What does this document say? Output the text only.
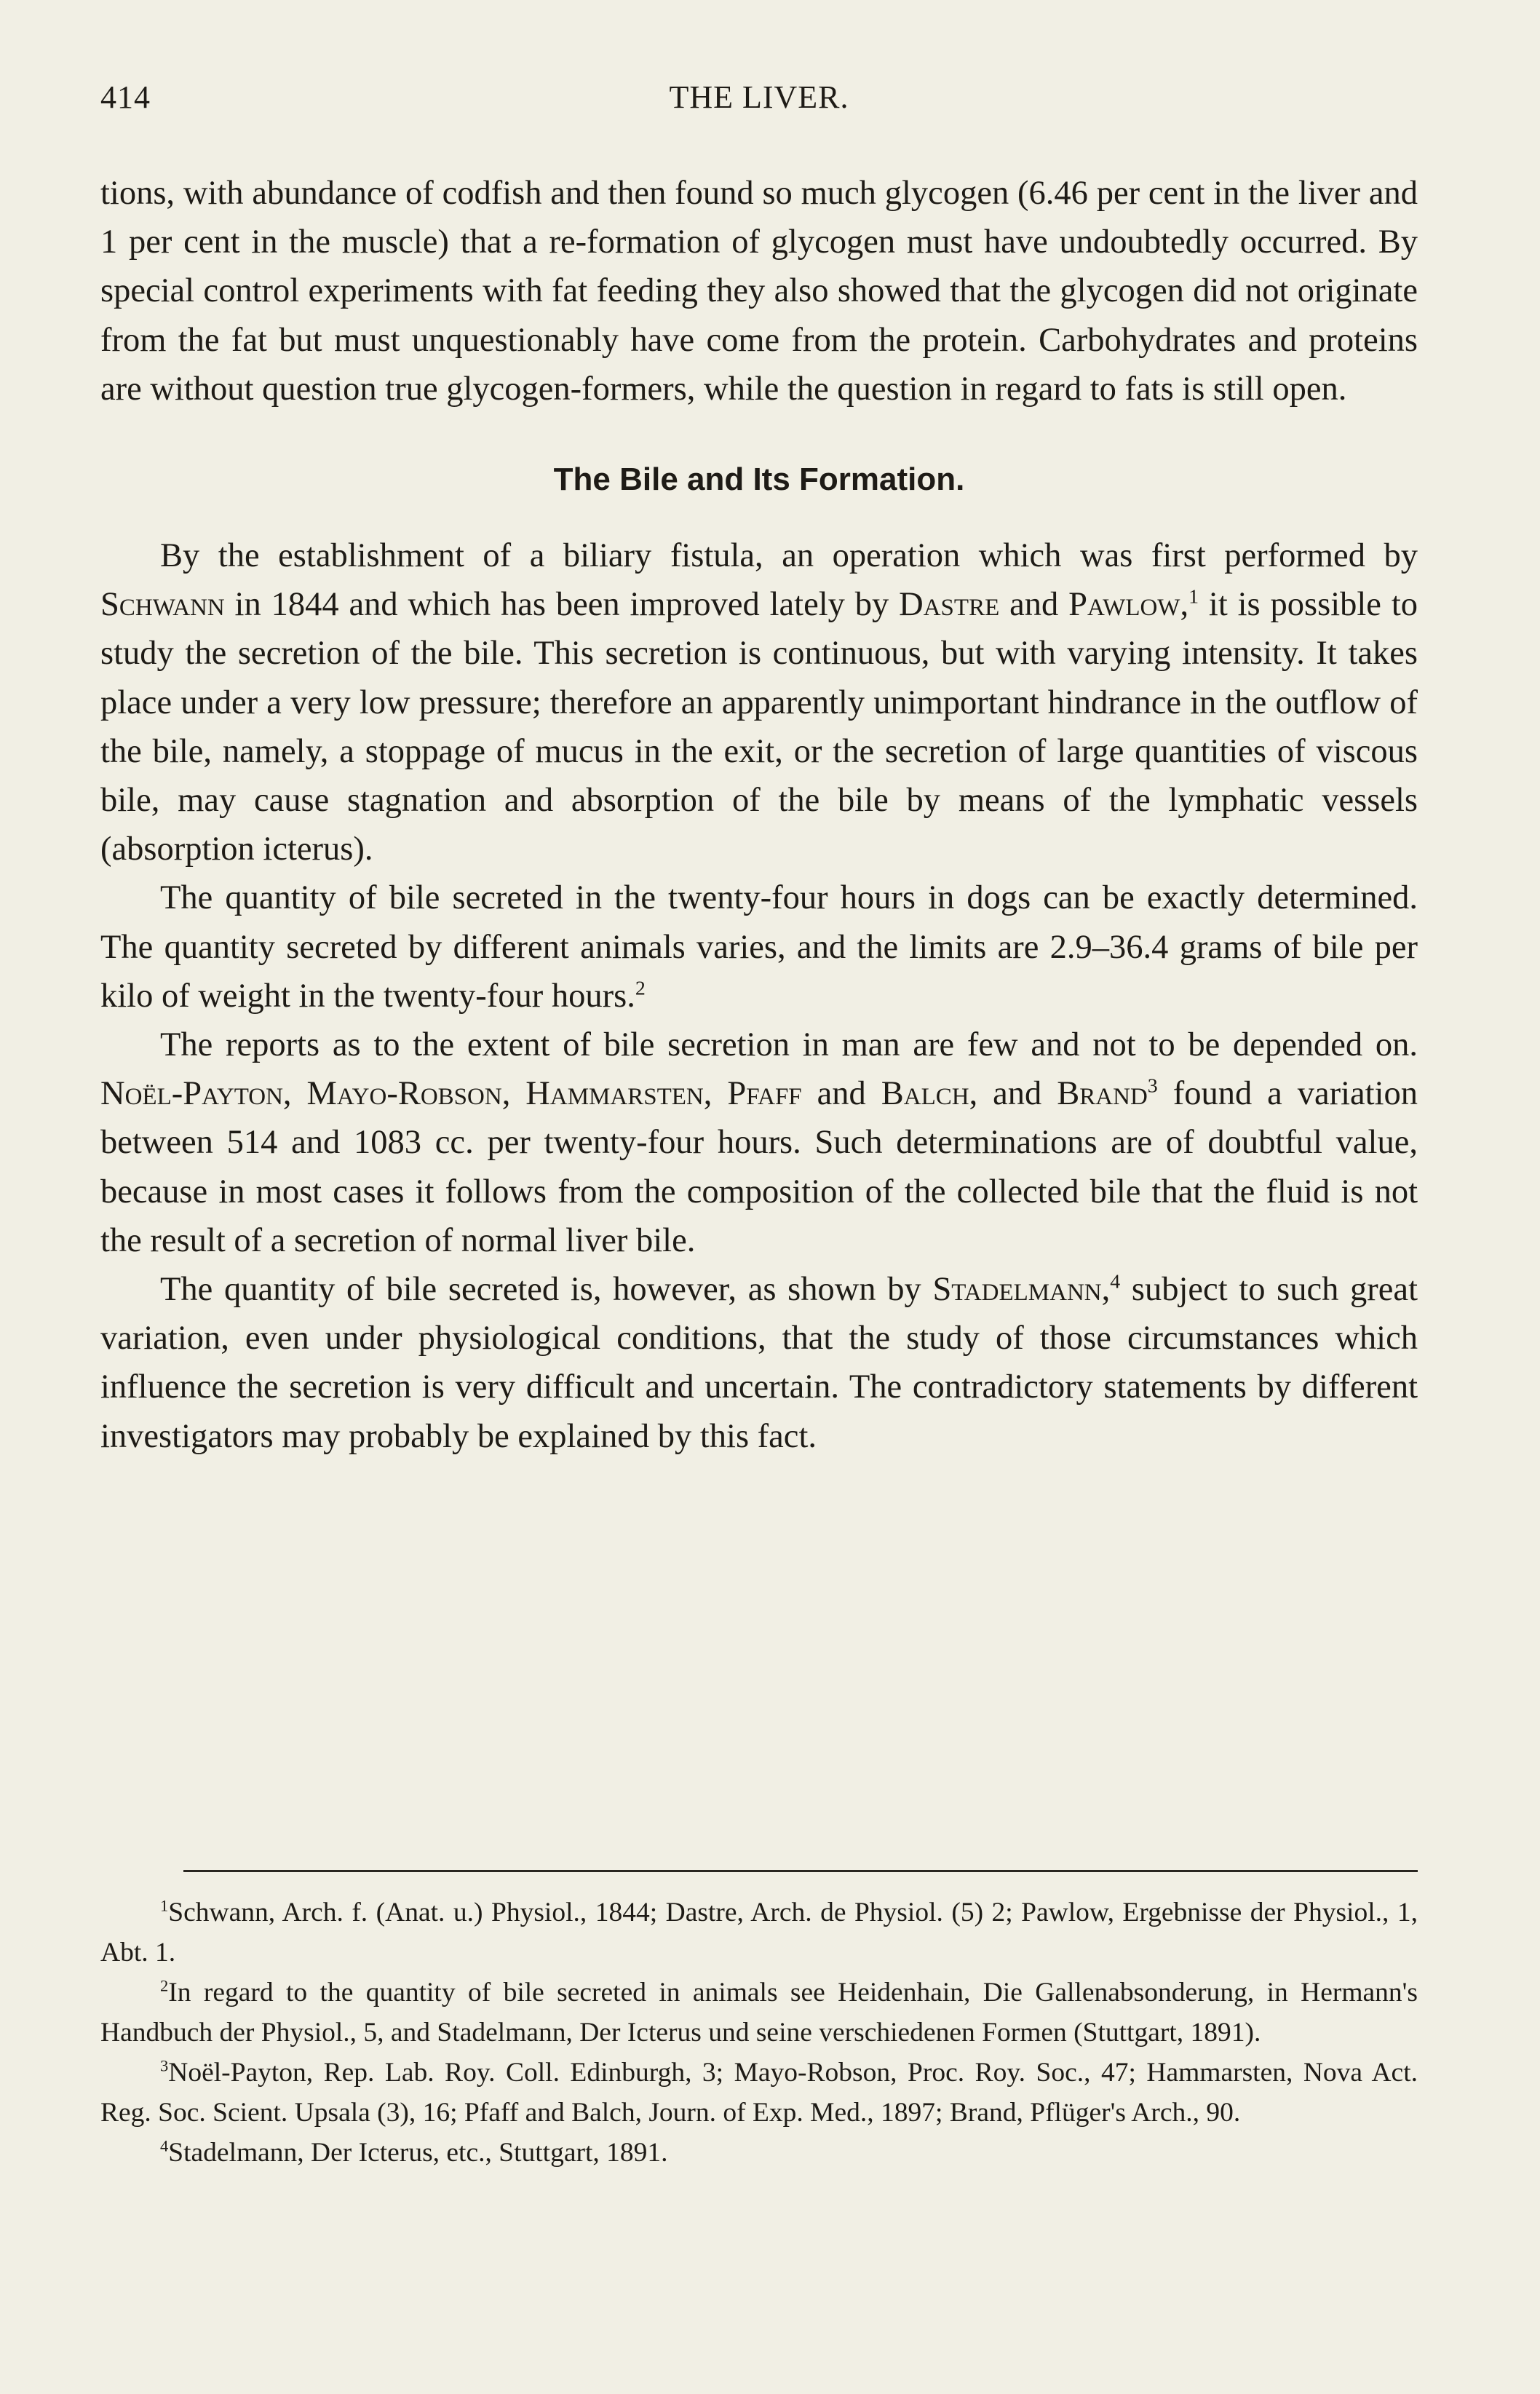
414	THE LIVER.

tions, with abundance of codfish and then found so much glycogen (6.46 per cent in the liver and 1 per cent in the muscle) that a re-formation of glycogen must have undoubtedly occurred. By special control experiments with fat feeding they also showed that the glycogen did not originate from the fat but must unquestionably have come from the protein. Carbohydrates and proteins are without question true glycogen-formers, while the question in regard to fats is still open.

The Bile and Its Formation.

By the establishment of a biliary fistula, an operation which was first performed by Schwann in 1844 and which has been improved lately by Dastre and Pawlow,$^1$ it is possible to study the secretion of the bile. This secretion is continuous, but with varying intensity. It takes place under a very low pressure; therefore an apparently unimportant hindrance in the outflow of the bile, namely, a stoppage of mucus in the exit, or the secretion of large quantities of viscous bile, may cause stagnation and absorption of the bile by means of the lymphatic vessels (absorption icterus).

The quantity of bile secreted in the twenty-four hours in dogs can be exactly determined. The quantity secreted by different animals varies, and the limits are 2.9–36.4 grams of bile per kilo of weight in the twenty-four hours.$^2$

The reports as to the extent of bile secretion in man are few and not to be depended on. Noël-Payton, Mayo-Robson, Hammarsten, Pfaff and Balch, and Brand$^3$ found a variation between 514 and 1083 cc. per twenty-four hours. Such determinations are of doubtful value, because in most cases it follows from the composition of the collected bile that the fluid is not the result of a secretion of normal liver bile.

The quantity of bile secreted is, however, as shown by Stadelmann,$^4$ subject to such great variation, even under physiological conditions, that the study of those circumstances which influence the secretion is very difficult and uncertain. The contradictory statements by different investigators may probably be explained by this fact.

$^1$Schwann, Arch. f. (Anat. u.) Physiol., 1844; Dastre, Arch. de Physiol. (5) 2; Pawlow, Ergebnisse der Physiol., 1, Abt. 1.

$^2$In regard to the quantity of bile secreted in animals see Heidenhain, Die Gallenabsonderung, in Hermann's Handbuch der Physiol., 5, and Stadelmann, Der Icterus und seine verschiedenen Formen (Stuttgart, 1891).

$^3$Noël-Payton, Rep. Lab. Roy. Coll. Edinburgh, 3; Mayo-Robson, Proc. Roy. Soc., 47; Hammarsten, Nova Act. Reg. Soc. Scient. Upsala (3), 16; Pfaff and Balch, Journ. of Exp. Med., 1897; Brand, Pflüger's Arch., 90.

$^4$Stadelmann, Der Icterus, etc., Stuttgart, 1891.
